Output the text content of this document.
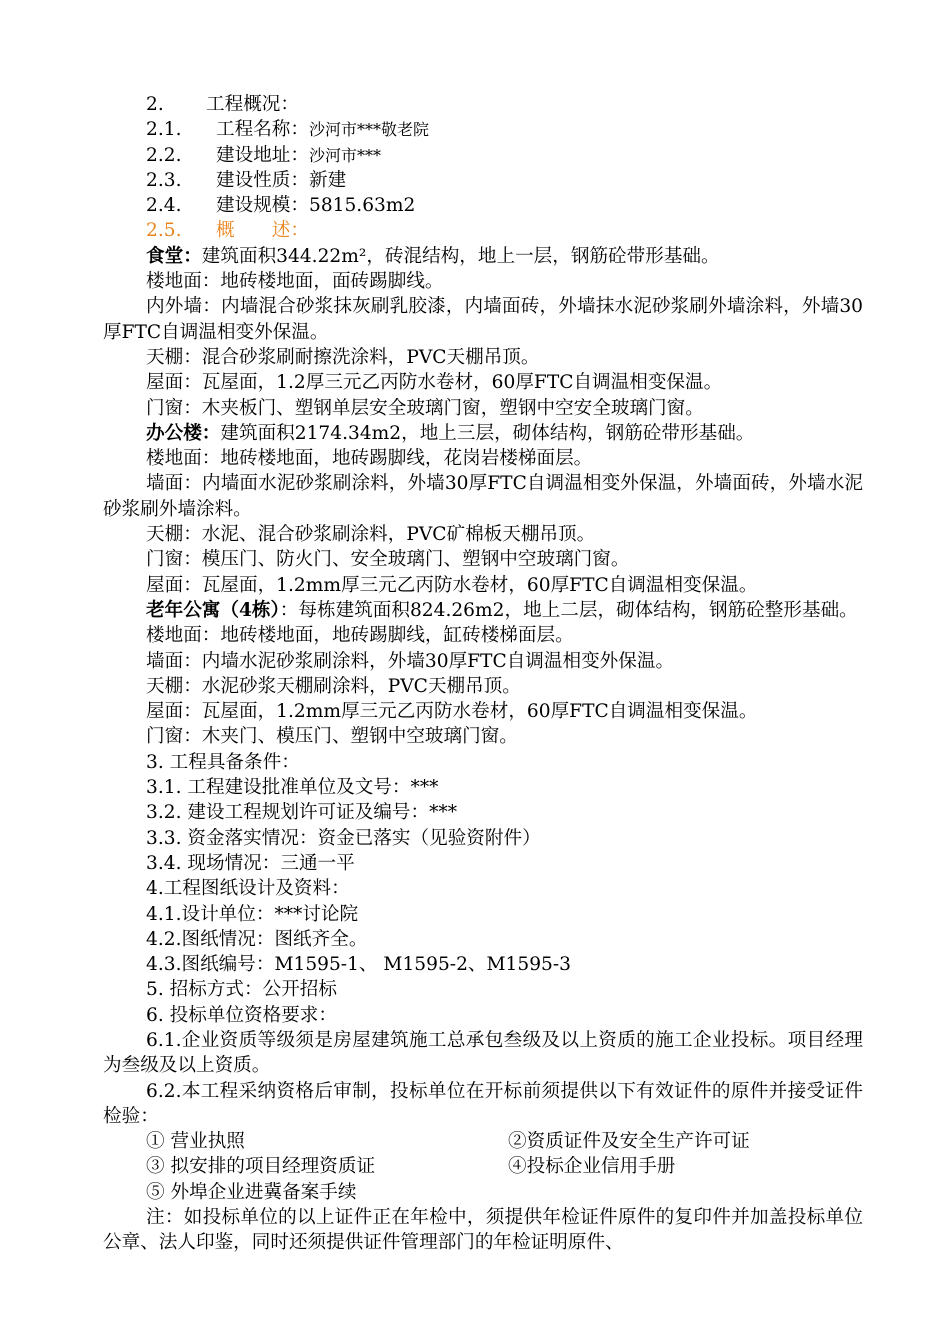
2. 工程概况：

2.1. 工程名称：沙河市***敬老院

2.2. 建设地址：沙河市***

2.3. 建设性质：新建

2.4. 建设规模：5815.63m2

2.5. 概　　述：

食堂：建筑面积344.22m²，砖混结构，地上一层，钢筋砼带形基础。

楼地面：地砖楼地面，面砖踢脚线。

内外墙：内墙混合砂浆抹灰刷乳胶漆，内墙面砖，外墙抹水泥砂浆刷外墙涂料，外墙30厚FTC自调温相变外保温。

天棚：混合砂浆刷耐擦洗涂料，PVC天棚吊顶。

屋面：瓦屋面，1.2厚三元乙丙防水卷材，60厚FTC自调温相变保温。

门窗：木夹板门、塑钢单层安全玻璃门窗，塑钢中空安全玻璃门窗。

办公楼：建筑面积2174.34m2，地上三层，砌体结构，钢筋砼带形基础。

楼地面：地砖楼地面，地砖踢脚线，花岗岩楼梯面层。

墙面：内墙面水泥砂浆刷涂料，外墙30厚FTC自调温相变外保温，外墙面砖，外墙水泥砂浆刷外墙涂料。

天棚：水泥、混合砂浆刷涂料，PVC矿棉板天棚吊顶。

门窗：模压门、防火门、安全玻璃门、塑钢中空玻璃门窗。

屋面：瓦屋面，1.2mm厚三元乙丙防水卷材，60厚FTC自调温相变保温。

老年公寓（4栋）：每栋建筑面积824.26m2，地上二层，砌体结构，钢筋砼整形基础。

楼地面：地砖楼地面，地砖踢脚线，缸砖楼梯面层。

墙面：内墙水泥砂浆刷涂料，外墙30厚FTC自调温相变外保温。

天棚：水泥砂浆天棚刷涂料，PVC天棚吊顶。

屋面：瓦屋面，1.2mm厚三元乙丙防水卷材，60厚FTC自调温相变保温。

门窗：木夹门、模压门、塑钢中空玻璃门窗。

3. 工程具备条件：

3.1. 工程建设批准单位及文号：***

3.2. 建设工程规划许可证及编号：***

3.3. 资金落实情况：资金已落实（见验资附件）

3.4. 现场情况：三通一平

4.工程图纸设计及资料：

4.1.设计单位：***讨论院

4.2.图纸情况：图纸齐全。

4.3.图纸编号：M1595-1、 M1595-2、M1595-3

5. 招标方式：公开招标

6. 投标单位资格要求：

6.1.企业资质等级须是房屋建筑施工总承包叁级及以上资质的施工企业投标。项目经理为叁级及以上资质。

6.2.本工程采纳资格后审制，投标单位在开标前须提供以下有效证件的原件并接受证件检验：

① 营业执照	②资质证件及安全生产许可证
③ 拟安排的项目经理资质证	④投标企业信用手册
⑤ 外埠企业进冀备案手续

注：如投标单位的以上证件正在年检中，须提供年检证件原件的复印件并加盖投标单位公章、法人印鉴，同时还须提供证件管理部门的年检证明原件、
